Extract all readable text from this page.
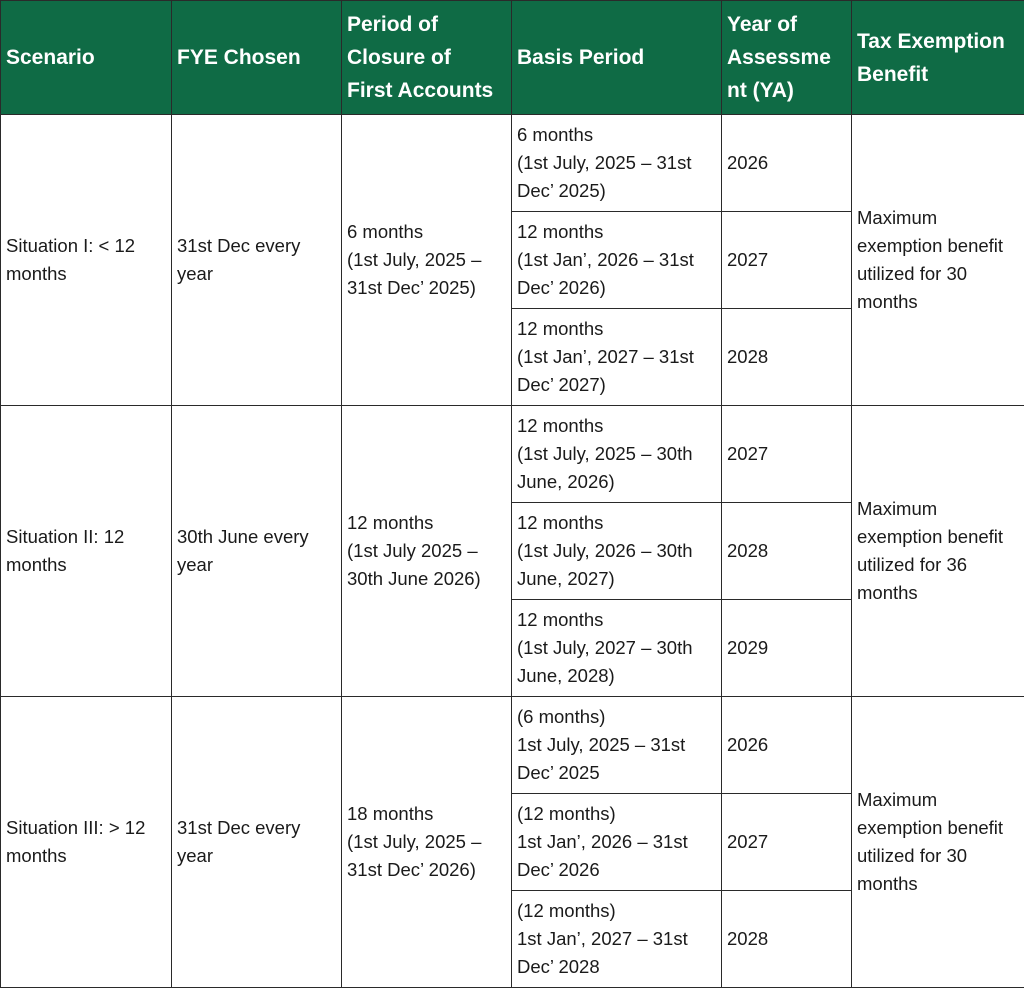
Scenario	FYE Chosen	Period of
Closure of
First Accounts	Basis Period	Year of
Assessme
nt (YA)	Tax Exemption
Benefit

Situation I: < 12 months	31st Dec every year	6 months
(1st July, 2025 –
31st Dec’ 2025)	6 months
(1st July, 2025 – 31st
Dec’ 2025)	2026	Maximum exemption benefit utilized for 30 months

			12 months
(1st Jan’, 2026 – 31st
Dec’ 2026)	2027	

			12 months
(1st Jan’, 2027 – 31st
Dec’ 2027)	2028	
Situation II: 12 months	30th June every year	12 months
(1st July 2025 –
30th June 2026)	12 months
(1st July, 2025 – 30th
June, 2026)	2027	Maximum exemption benefit utilized for 36 months

			12 months
(1st July, 2026 – 30th
June, 2027)	2028	

			12 months
(1st July, 2027 – 30th
June, 2028)	2029	
Situation III: > 12 months	31st Dec every year	18 months
(1st July, 2025 –
31st Dec’ 2026)	(6 months)
1st July, 2025 – 31st
Dec’ 2025	2026	Maximum exemption benefit utilized for 30 months

			(12 months)
1st Jan’, 2026 – 31st
Dec’ 2026	2027	

			(12 months)
1st Jan’, 2027 – 31st
Dec’ 2028	2028	
